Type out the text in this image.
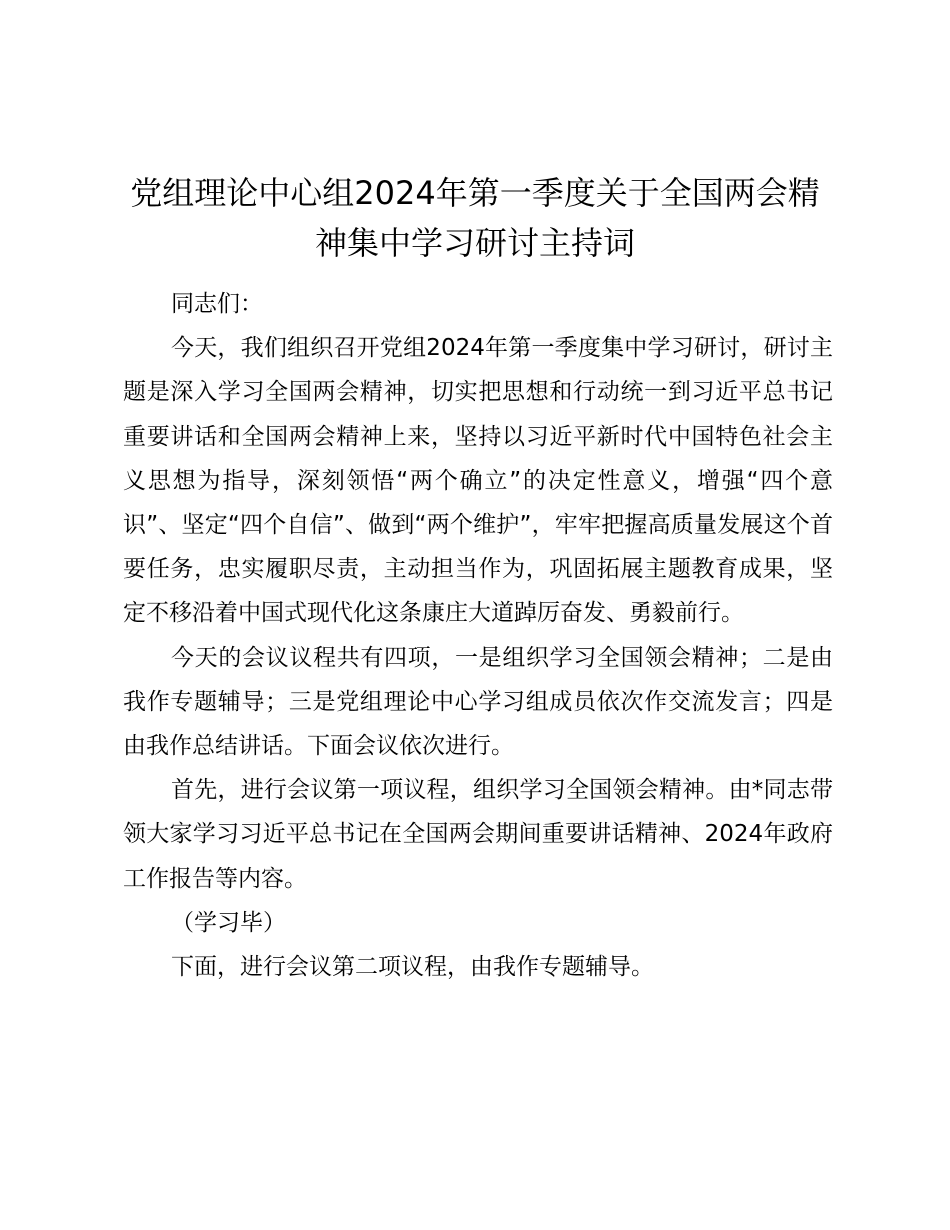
党组理论中心组2024年第一季度关于全国两会精神集中学习研讨主持词

同志们：

今天，我们组织召开党组2024年第一季度集中学习研讨，研讨主题是深入学习全国两会精神，切实把思想和行动统一到习近平总书记重要讲话和全国两会精神上来，坚持以习近平新时代中国特色社会主义思想为指导，深刻领悟“两个确立”的决定性意义，增强“四个意识”、坚定“四个自信”、做到“两个维护”，牢牢把握高质量发展这个首要任务，忠实履职尽责，主动担当作为，巩固拓展主题教育成果，坚定不移沿着中国式现代化这条康庄大道踔厉奋发、勇毅前行。

今天的会议议程共有四项，一是组织学习全国领会精神；二是由我作专题辅导；三是党组理论中心学习组成员依次作交流发言；四是由我作总结讲话。下面会议依次进行。

首先，进行会议第一项议程，组织学习全国领会精神。由*同志带领大家学习习近平总书记在全国两会期间重要讲话精神、2024年政府工作报告等内容。

（学习毕）

下面，进行会议第二项议程，由我作专题辅导。
